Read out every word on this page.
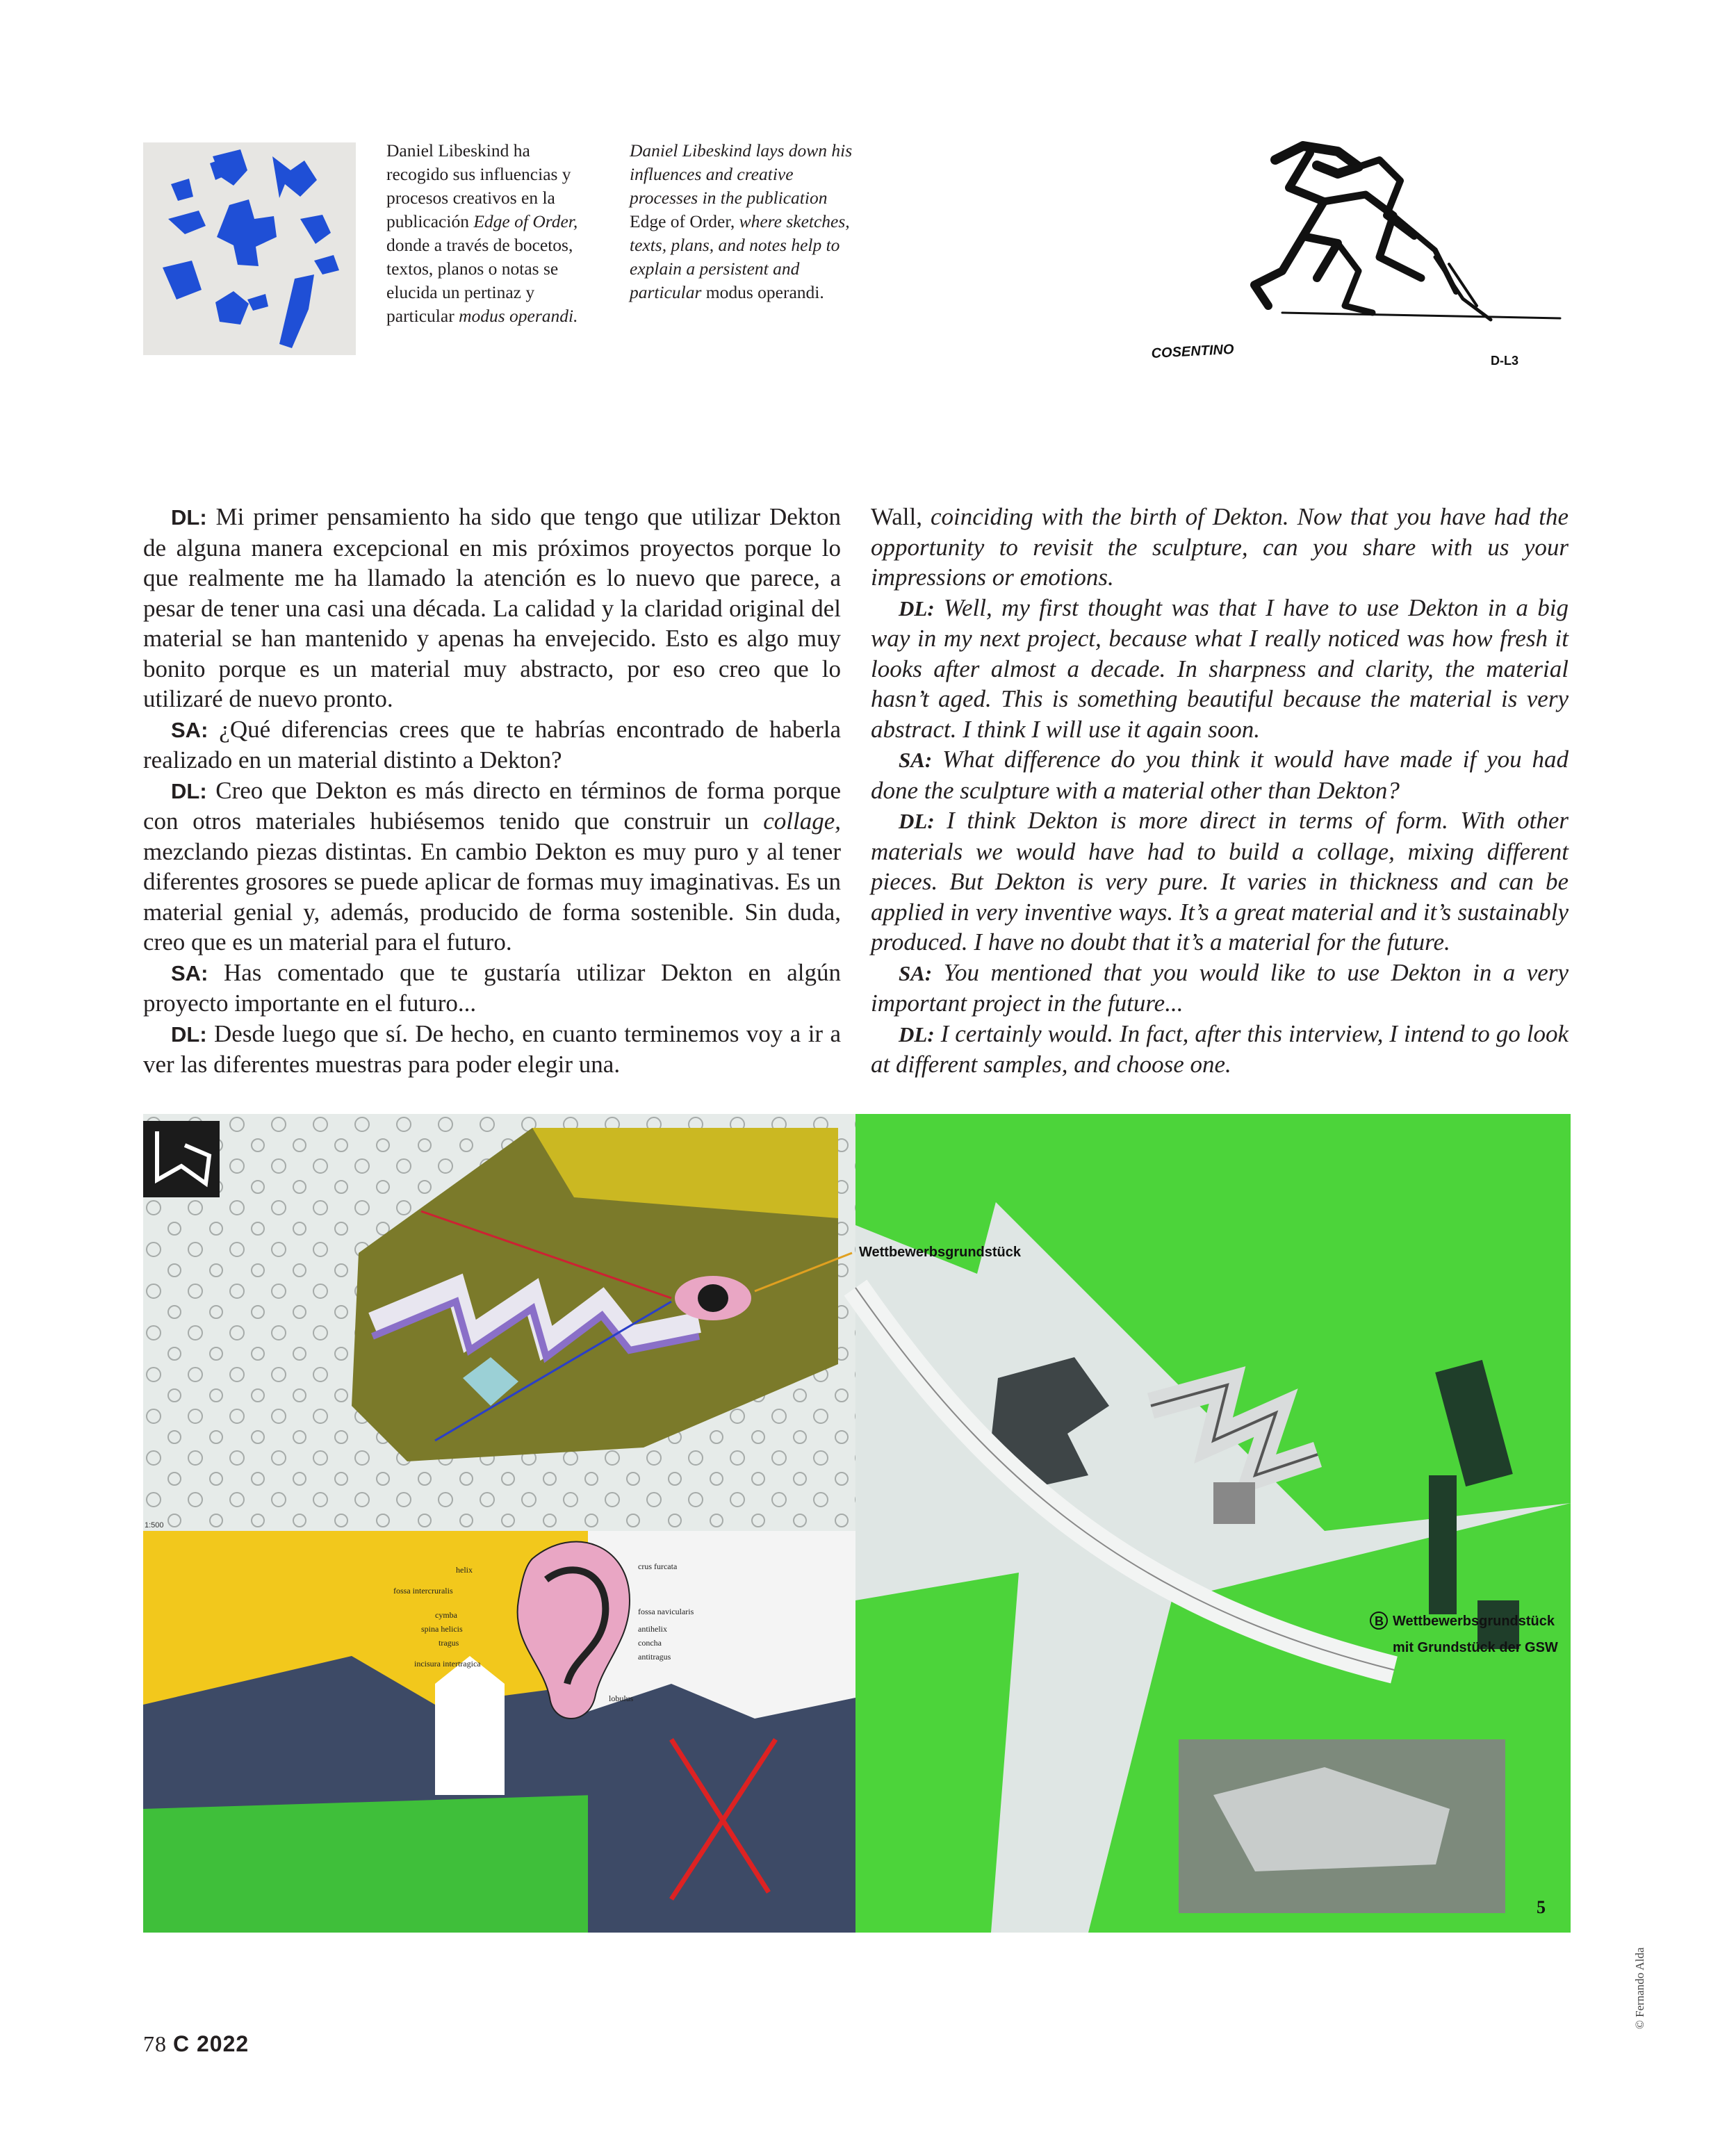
Daniel Libeskind ha recogido sus influencias y procesos creativos en la publicación Edge of Order, donde a través de bocetos, textos, planos o notas se elucida un pertinaz y particular modus operandi.

Daniel Libeskind lays down his influences and creative processes in the publication Edge of Order, where sketches, texts, plans, and notes help to explain a persistent and particular modus operandi.

COSENTINO	D-L3

DL: Mi primer pensamiento ha sido que tengo que utilizar Dekton de alguna manera excepcional en mis próximos proyectos porque lo que realmente me ha llamado la atención es lo nuevo que parece, a pesar de tener una casi una década. La calidad y la claridad original del material se han mantenido y apenas ha envejecido. Esto es algo muy bonito porque es un material muy abstracto, por eso creo que lo utilizaré de nuevo pronto.

SA: ¿Qué diferencias crees que te habrías encontrado de haberla realizado en un material distinto a Dekton?

DL: Creo que Dekton es más directo en términos de forma porque con otros materiales hubiésemos tenido que construir un collage, mezclando piezas distintas. En cambio Dekton es muy puro y al tener diferentes grosores se puede aplicar de formas muy imaginativas. Es un material genial y, además, producido de forma sostenible. Sin duda, creo que es un material para el futuro.

SA: Has comentado que te gustaría utilizar Dekton en algún proyecto importante en el futuro...

DL: Desde luego que sí. De hecho, en cuanto terminemos voy a ir a ver las diferentes muestras para poder elegir una.

Wall, coinciding with the birth of Dekton. Now that you have had the opportunity to revisit the sculpture, can you share with us your impressions or emotions.

DL: Well, my first thought was that I have to use Dekton in a big way in my next project, because what I really noticed was how fresh it looks after almost a decade. In sharpness and clarity, the material hasn’t aged. This is something beautiful because the material is very abstract. I think I will use it again soon.

SA: What difference do you think it would have made if you had done the sculpture with a material other than Dekton?

DL: I think Dekton is more direct in terms of form. With other materials we would have had to build a collage, mixing different pieces. But Dekton is very pure. It varies in thickness and can be applied in very inventive ways. It’s a great material and it’s sustainably produced. I have no doubt that it’s a material for the future.

SA: You mentioned that you would like to use Dekton in a very important project in the future...

DL: I certainly would. In fact, after this interview, I intend to go look at different samples, and choose one.

Wettbewerbsgrundstück
B Wettbewerbsgrundstück
mit Grundstück der GSW
5
1:500
helix
fossa intercruralis
cymba
spina helicis
tragus
incisura intertragica
crus furcata
fossa navicularis
antihelix
concha
antitragus
lobulus
© Fernando Alda
78 C 2022
